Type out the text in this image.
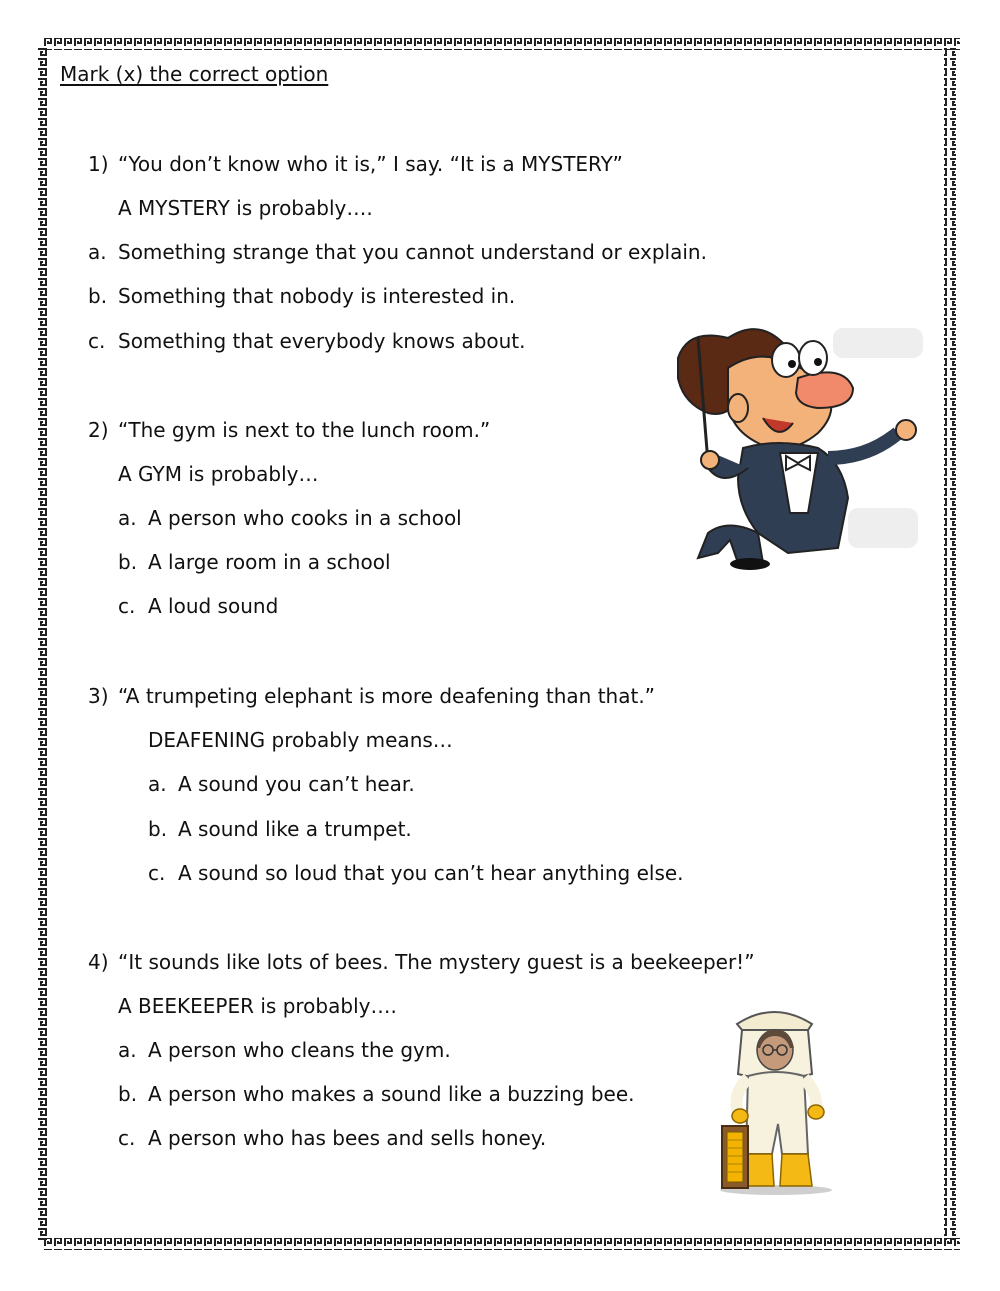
Mark (x) the correct option
1) “You don’t know who it is,” I say. “It is a MYSTERY”
A MYSTERY is probably….
a. Something strange that you cannot understand or explain.
b. Something that nobody is interested in.
c. Something that everybody knows about.
2) “The gym is next to the lunch room.”
A GYM is probably…
a. A person who cooks in a school
b. A large room in a school
c. A loud sound
3) “A trumpeting elephant is more deafening than that.”
DEAFENING probably means…
a. A sound you can’t hear.
b. A sound like a trumpet.
c. A sound so loud that you can’t hear anything else.
4) “It sounds like lots of bees. The mystery guest is a beekeeper!”
A BEEKEEPER is probably….
a. A person who cleans the gym.
b. A person who makes a sound like a buzzing bee.
c. A person who has bees and sells honey.
